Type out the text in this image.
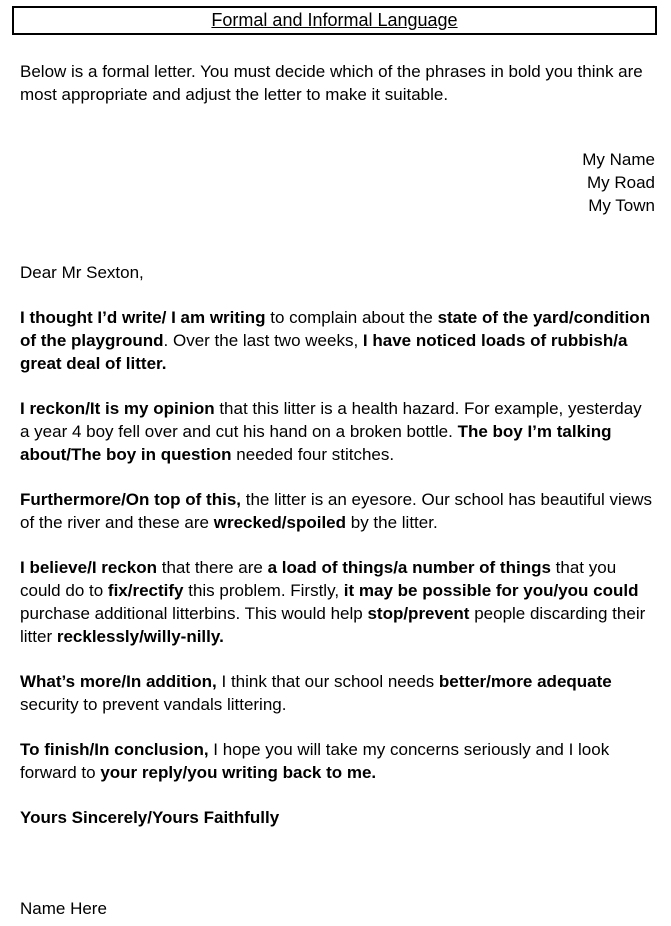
Formal and Informal Language

Below is a formal letter. You must decide which of the phrases in bold you think are most appropriate and adjust the letter to make it suitable.

My Name
My Road
My Town

Dear Mr Sexton,

I thought I’d write/ I am writing to complain about the state of the yard/condition of the playground. Over the last two weeks, I have noticed loads of rubbish/a great deal of litter.

I reckon/It is my opinion that this litter is a health hazard. For example, yesterday a year 4 boy fell over and cut his hand on a broken bottle. The boy I’m talking about/The boy in question needed four stitches.

Furthermore/On top of this, the litter is an eyesore. Our school has beautiful views of the river and these are wrecked/spoiled by the litter.

I believe/I reckon that there are a load of things/a number of things that you could do to fix/rectify this problem. Firstly, it may be possible for you/you could purchase additional litterbins. This would help stop/prevent people discarding their litter recklessly/willy-nilly.

What’s more/In addition, I think that our school needs better/more adequate security to prevent vandals littering.

To finish/In conclusion, I hope you will take my concerns seriously and I look forward to your reply/you writing back to me.

Yours Sincerely/Yours Faithfully

Name Here
